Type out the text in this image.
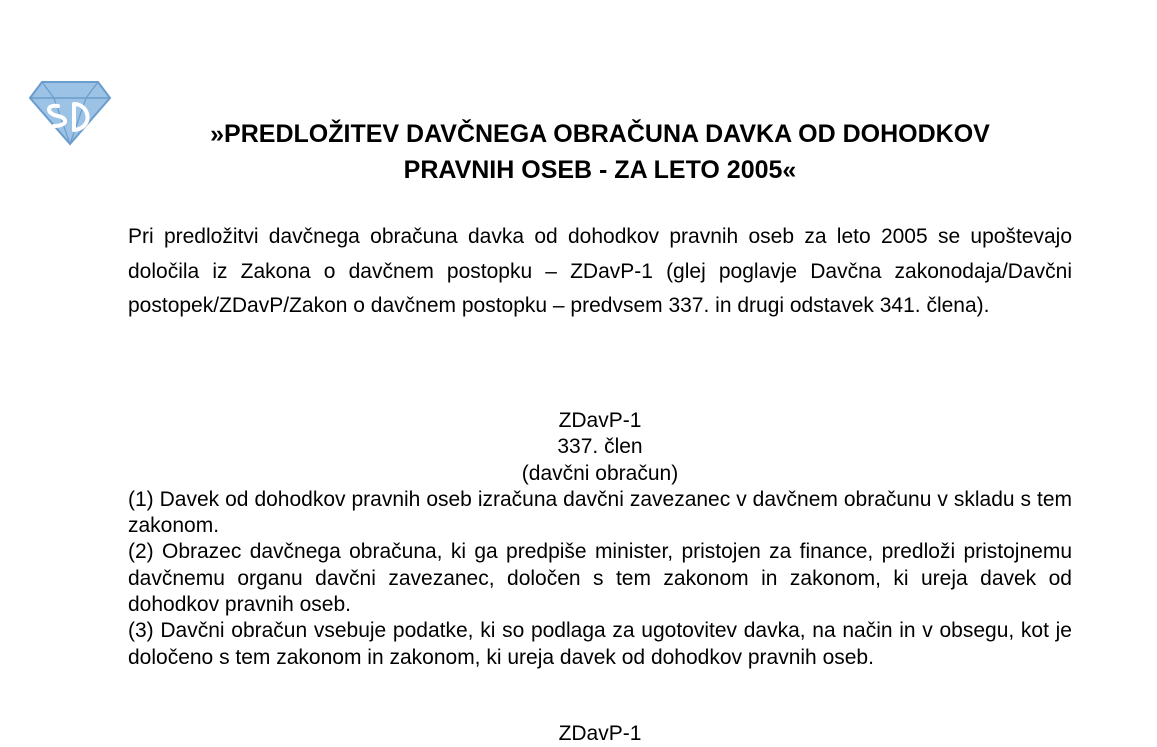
»PREDLOŽITEV DAVČNEGA OBRAČUNA DAVKA OD DOHODKOV
PRAVNIH OSEB - ZA LETO 2005«

Pri predložitvi davčnega obračuna davka od dohodkov pravnih oseb za leto 2005 se upoštevajo določila iz Zakona o davčnem postopku – ZDavP-1 (glej poglavje Davčna zakonodaja/Davčni postopek/ZDavP/Zakon o davčnem postopku – predvsem 337. in drugi odstavek 341. člena).

ZDavP-1
337. člen
(davčni obračun)
(1) Davek od dohodkov pravnih oseb izračuna davčni zavezanec v davčnem obračunu v skladu s tem zakonom.
(2) Obrazec davčnega obračuna, ki ga predpiše minister, pristojen za finance, predloži pristojnemu davčnemu organu davčni zavezanec, določen s tem zakonom in zakonom, ki ureja davek od dohodkov pravnih oseb.
(3) Davčni obračun vsebuje podatke, ki so podlaga za ugotovitev davka, na način in v obsegu, kot je določeno s tem zakonom in zakonom, ki ureja davek od dohodkov pravnih oseb.
ZDavP-1
